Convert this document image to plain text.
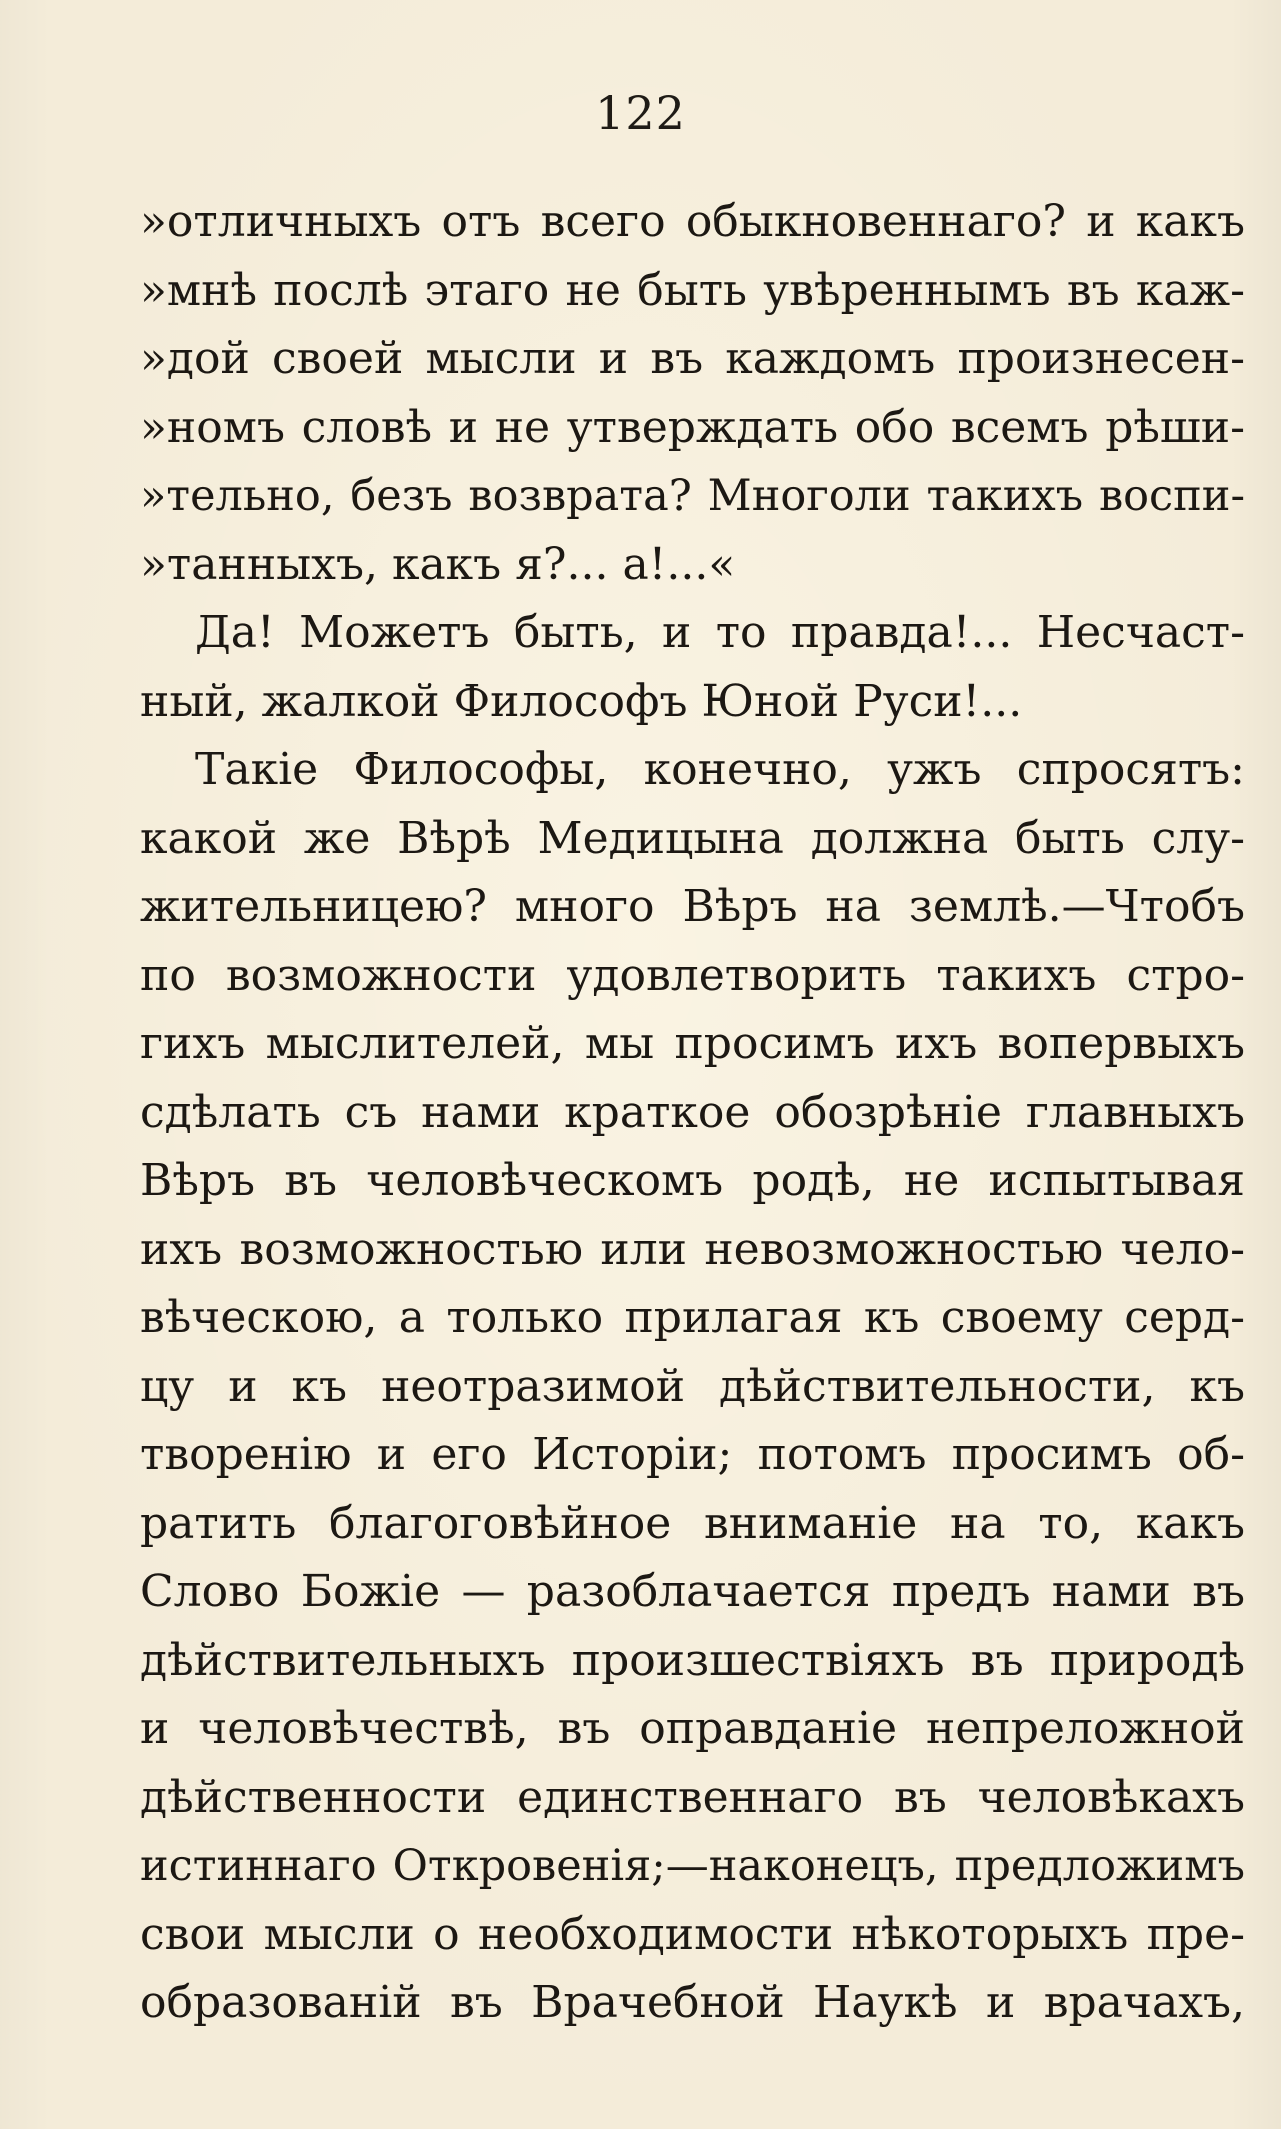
122
»отличныхъ отъ всего обыкновеннаго? и какъ
»мнѣ послѣ этаго не быть увѣреннымъ въ каж-
»дой своей мысли и въ каждомъ произнесен-
»номъ словѣ и не утверждать обо всемъ рѣши-
»тельно, безъ возврата? Многоли такихъ воспи-
»танныхъ, какъ я?... а!...«
Да! Можетъ быть, и то правда!... Несчаст-
ный, жалкой Философъ Юной Руси!...
Такіе Философы, конечно, ужъ спросятъ:
какой же Вѣрѣ Медицына должна быть слу-
жительницею? много Вѣръ на землѣ.—Чтобъ
по возможности удовлетворить такихъ стро-
гихъ мыслителей, мы просимъ ихъ вопервыхъ
сдѣлать съ нами краткое обозрѣніе главныхъ
Вѣръ въ человѣческомъ родѣ, не испытывая
ихъ возможностью или невозможностью чело-
вѣческою, а только прилагая къ своему серд-
цу и къ неотразимой дѣйствительности, къ
творенію и его Исторіи; потомъ просимъ об-
ратить благоговѣйное вниманіе на то, какъ
Слово Божіе — разоблачается предъ нами въ
дѣйствительныхъ произшествіяхъ въ природѣ
и человѣчествѣ, въ оправданіе непреложной
дѣйственности единственнаго въ человѣкахъ
истиннаго Откровенія;—наконецъ, предложимъ
свои мысли о необходимости нѣкоторыхъ пре-
образованій въ Врачебной Наукѣ и врачахъ,
